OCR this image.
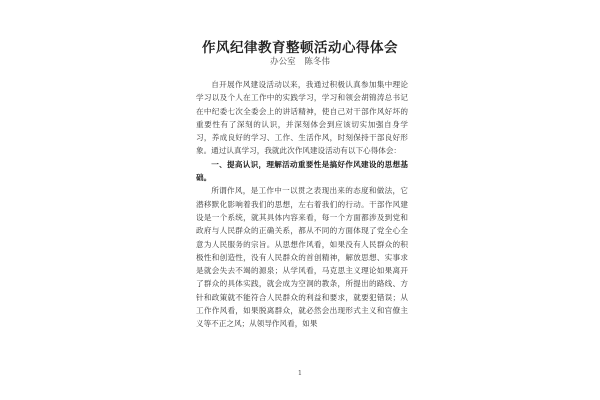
作风纪律教育整顿活动心得体会
办公室 陈冬伟

自开展作风建设活动以来，我通过积极认真参加集中理论学习以及个人在工作中的实践学习，学习和领会胡锦涛总书记在中纪委七次全委会上的讲话精神，使自己对干部作风好坏的重要性有了深刻的认识，并深刻体会到应该切实加强自身学习，养成良好的学习、工作、生活作风，时刻保持干部良好形象。通过认真学习，我就此次作风建设活动有以下心得体会：

一、提高认识，理解活动重要性是搞好作风建设的思想基础。

所谓作风，是工作中一以贯之表现出来的态度和做法，它潜移默化影响着我们的思想，左右着我们的行动。干部作风建设是一个系统，就其具体内容来看，每一个方面都涉及到党和政府与人民群众的正确关系，都从不同的方面体现了党全心全意为人民服务的宗旨。从思想作风看，如果没有人民群众的积极性和创造性，没有人民群众的首创精神，解放思想、实事求是就会失去不竭的源泉；从学风看，马克思主义理论如果离开了群众的具体实践，就会成为空洞的教条，所提出的路线、方针和政策就不能符合人民群众的利益和要求，就要犯错误；从工作作风看，如果脱离群众，就必然会出现形式主义和官僚主义等不正之风；从领导作风看，如果

1
